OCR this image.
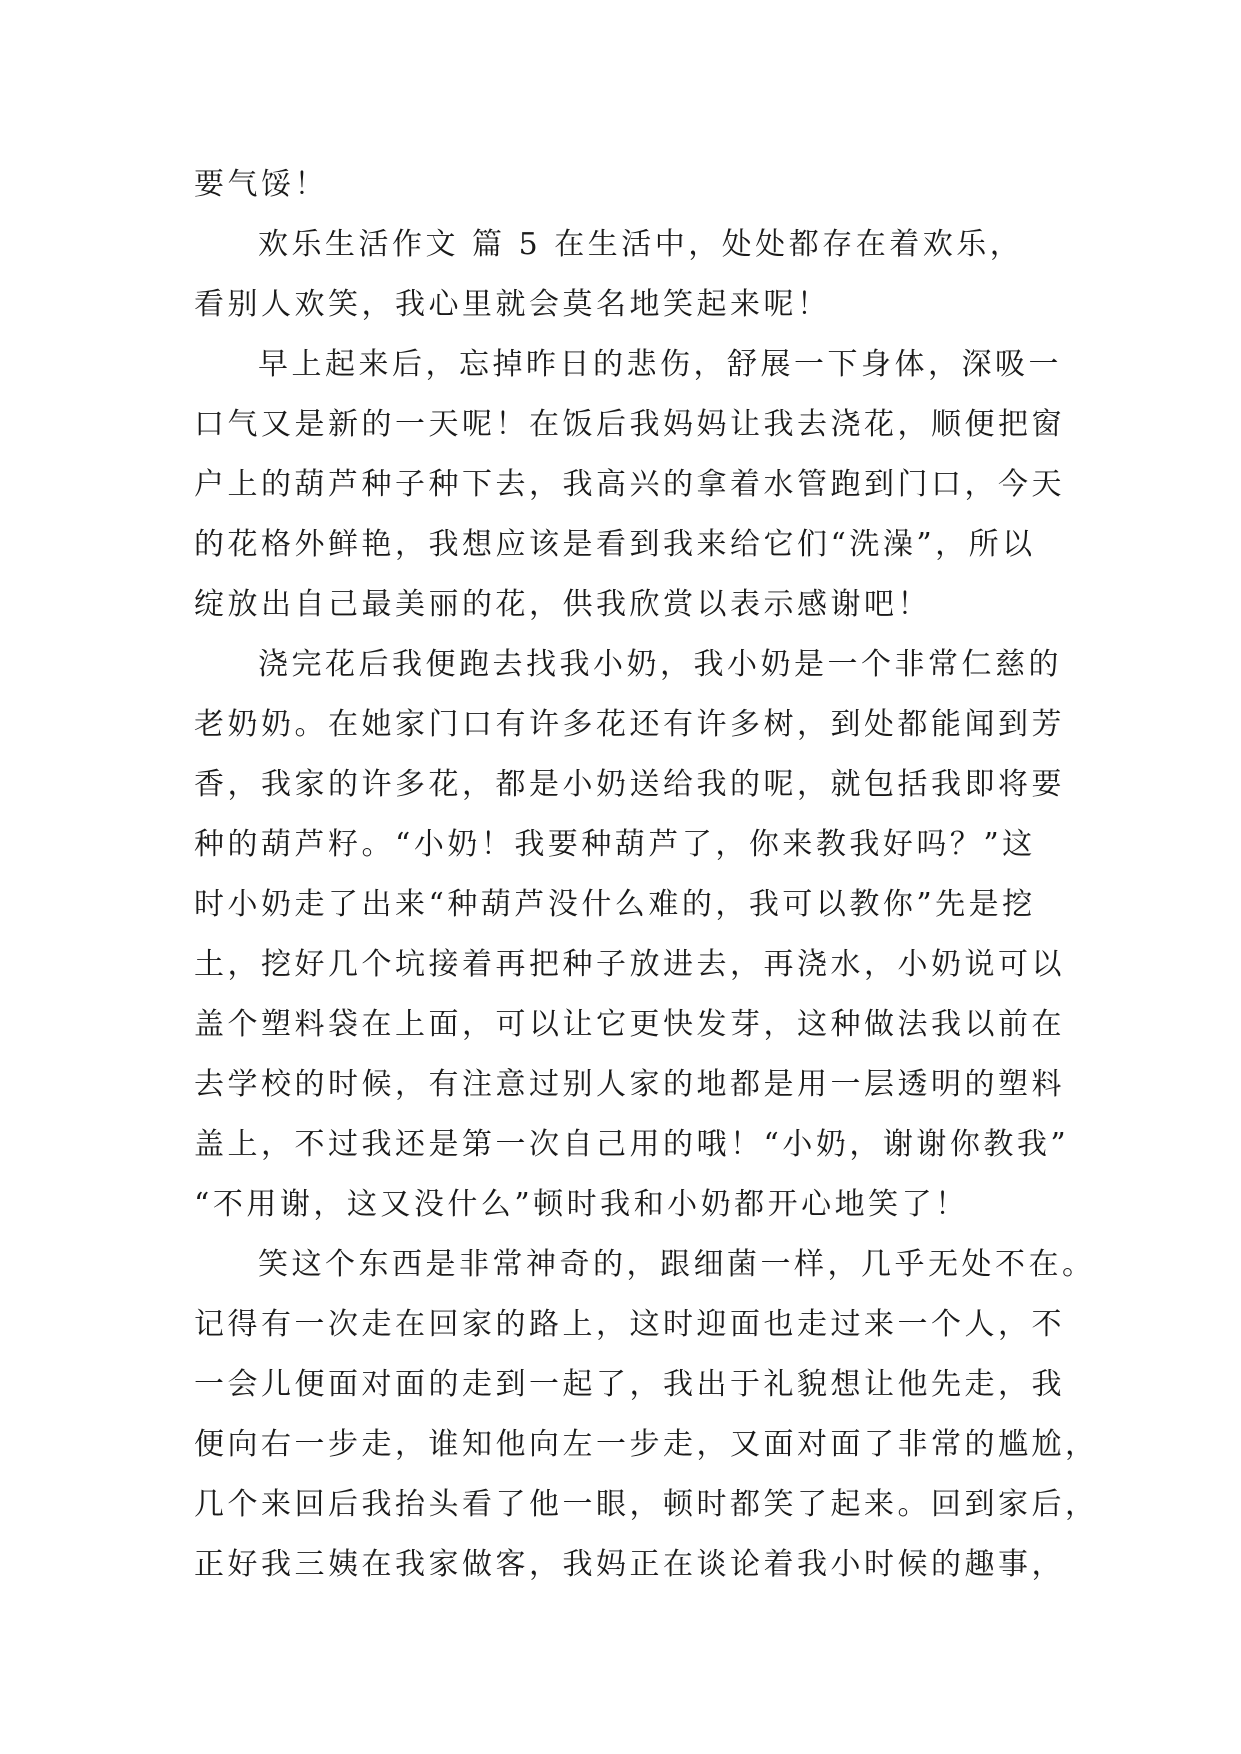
要气馁！
欢乐生活作文 篇 5 在生活中，处处都存在着欢乐，
看别人欢笑，我心里就会莫名地笑起来呢！
早上起来后，忘掉昨日的悲伤，舒展一下身体，深吸一
口气又是新的一天呢！在饭后我妈妈让我去浇花，顺便把窗
户上的葫芦种子种下去，我高兴的拿着水管跑到门口，今天
的花格外鲜艳，我想应该是看到我来给它们“洗澡”，所以
绽放出自己最美丽的花，供我欣赏以表示感谢吧！
浇完花后我便跑去找我小奶，我小奶是一个非常仁慈的
老奶奶。在她家门口有许多花还有许多树，到处都能闻到芳
香，我家的许多花，都是小奶送给我的呢，就包括我即将要
种的葫芦籽。“小奶！我要种葫芦了，你来教我好吗？”这
时小奶走了出来“种葫芦没什么难的，我可以教你”先是挖
土，挖好几个坑接着再把种子放进去，再浇水，小奶说可以
盖个塑料袋在上面，可以让它更快发芽，这种做法我以前在
去学校的时候，有注意过别人家的地都是用一层透明的塑料
盖上，不过我还是第一次自己用的哦！“小奶，谢谢你教我”
“不用谢，这又没什么”顿时我和小奶都开心地笑了！
笑这个东西是非常神奇的，跟细菌一样，几乎无处不在。
记得有一次走在回家的路上，这时迎面也走过来一个人，不
一会儿便面对面的走到一起了，我出于礼貌想让他先走，我
便向右一步走，谁知他向左一步走，又面对面了非常的尴尬，
几个来回后我抬头看了他一眼，顿时都笑了起来。回到家后，
正好我三姨在我家做客，我妈正在谈论着我小时候的趣事，
